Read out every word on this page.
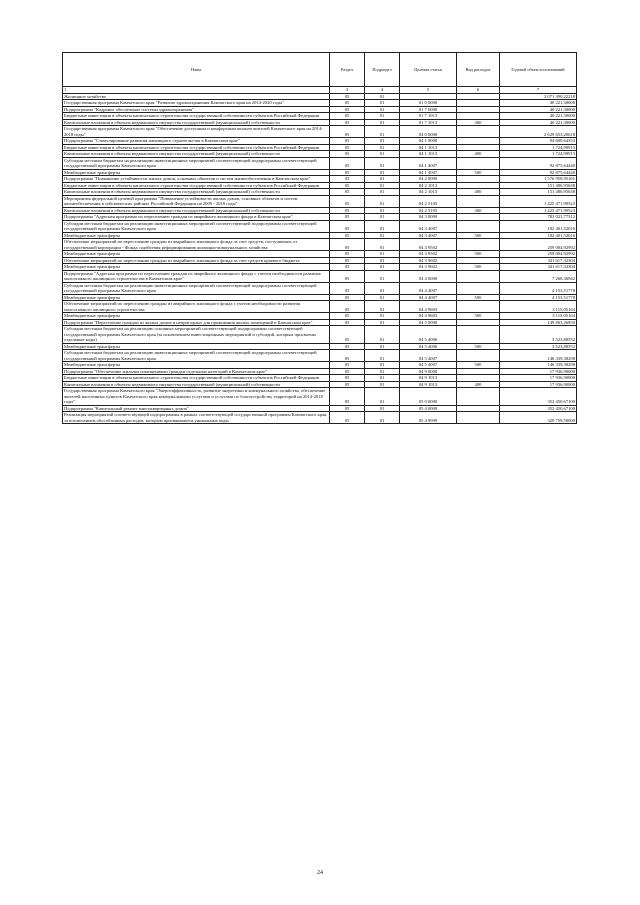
Наим	Раздел	Подраздел	Целевая статья	Вид расходов	Годовой объем ассигнований
1	3	4	5	6	7
Жилищное хозяйство	05	01			3 071 390,22218
Государственная программа Камчатского края "Развитие здравоохранения Камчатского края на 2014-2020 годы"	05	01	01 0 0000		40 221,30000
Подпрограмма "Кадровое обеспечение системы здравоохранения"	05	01	01 7 0000		40 221,30000
Бюджетные инвестиции в объекты капитального строительства государственной собственности субъектов Российской Федерации	05	01	01 7 1013		40 221,30000
Капитальные вложения в объекты недвижимого имущества государственной (муниципальной) собственности	05	01	01 7 1013	400	40 221,30000
Государственная программа Камчатского края "Обеспечение доступным и комфортным жильем жителей Камчатского края на 2014-2018 годы"	05	01	04 0 0000		2 629 653,20618
Подпрограмма "Стимулирование развития жилищного строительства в Камчатском крае"	05	01	04 1 0000		94 600,64353
Бюджетные инвестиции в объекты капитального строительства государственной собственности субъектов Российской Федерации	05	01	04 1 1013		1 724,99913
Капитальные вложения в объекты недвижимого имущества государственной (муниципальной) собственности	05	01	04 1 1013	400	1 724,99913
Субсидии местным бюджетам на реализацию инвестиционных мероприятий соответствующей подпрограммы соответствующей государственной программы Камчатского края	05	01	04 1 4007		92 875,64440
Межбюджетные трансферты	05	01	04 1 4007	500	92 875,64440
Подпрограмма "Повышение устойчивости жилых домов, основных объектов и систем жизнеобеспечения в Камчатском крае"	05	01	04 2 0000		1 576 958,95161
Бюджетные инвестиции в объекты капитального строительства государственной собственности субъектов Российской Федерации	05	01	04 2 1013		151 486,95638
Капитальные вложения в объекты недвижимого имущества государственной (муниципальной) собственности	05	01	04 2 1013	400	151 486,95638
Мероприятия федеральной целевой программы "Повышение устойчивости жилых домов, основных объектов и систем жизнеобеспечения в сейсмических районах Российской Федерации на 2009 - 2018 годы"	05	01	04 2 5105		1 425 471,99523
Капитальные вложения в объекты недвижимого имущества государственной (муниципальной) собственности	05	01	04 2 5105	400	1 425 471,99523
Подпрограмма "Адресная программа по переселению граждан из аварийного жилищного фонда в Камчатском крае"	05	01	04 3 0000		783 023,77312
Субсидии местным бюджетам на реализацию инвестиционных мероприятий соответствующей подпрограммы соответствующей государственной программы Камчатского края	05	01	04 3 4007		182 401,52016
Межбюджетные трансферты	05	01	04 3 4007	500	182 401,52016
Обеспечение мероприятий по переселению граждан из аварийного жилищного фонда за счет средств, поступивших от государственной корпорации - Фонда содействия реформированию жилищно-коммунального хозяйства	05	01	04 3 9502		259 004,92992
Межбюджетные трансферты	05	01	04 3 9502	500	259 004,92992
Обеспечение мероприятий по переселению граждан из аварийного жилищного фонда за счет средств краевого бюджета	05	01	04 3 9602		341 617,32304
Межбюджетные трансферты	05	01	04 3 9602	500	341 617,32304
Подпрограмма "Адресная программа по переселению граждан из аварийного жилищного фонда с учетом необходимости развития малоэтажного жилищного строительства в Камчатском крае"	05	01	04 4 0000		7 268,36942
Субсидии местным бюджетам на реализацию инвестиционных мероприятий соответствующей подпрограммы соответствующей государственной программы Камчатского края	05	01	04 4 4007		4 153,51778
Межбюджетные трансферты	05	01	04 4 4007	500	4 153,51778
Обеспечение мероприятий по переселению граждан из аварийного жилищного фонда с учетом необходимости развития малоэтажного жилищного строительства	05	01	04 4 9603		3 115,05164
Межбюджетные трансферты	05	01	04 4 9603	500	3 115,05164
Подпрограмма "Переселение граждан из жилых домов и непригодных для проживания жилых помещений в Камчатском крае"	05	01	04 5 0000		149 863,26850
Субсидии местным бюджетам на реализацию основных мероприятий соответствующей подпрограммы соответствующей государственной программы Камчатского края (за исключением инвестиционных мероприятий и субсидий, которым присвоены отдельные коды)	05	01	04 5 4006		3 523,88552
Межбюджетные трансферты	05	01	04 5 4006	500	3 523,88552
Субсидии местным бюджетам на реализацию инвестиционных мероприятий соответствующей подпрограммы соответствующей государственной программы Камчатского края	05	01	04 5 4007		146 339,38298
Межбюджетные трансферты	05	01	04 5 4007	500	146 339,38298
Подпрограмма "Обеспечение жилыми помещениями граждан отдельных категорий в Камчатском крае"	05	01	04 9 0000		17 936,90000
Бюджетные инвестиции в объекты капитального строительства государственной собственности субъектов Российской Федерации	05	01	04 9 1013		17 936,90000
Капитальные вложения в объекты недвижимого имущества государственной (муниципальной) собственности	05	01	04 9 1013	400	17 936,90000
Государственная программа Камчатского края "Энергоэффективность, развитие энергетики и коммунального хозяйства, обеспечение жителей населенных пунктов Камчатского края коммунальными услугами и услугами по благоустройству территорий на 2014-2018 годы"	05	01	05 0 0000		352 450,67100
Подпрограмма "Капитальный ремонт многоквартирных домов"	05	01	05 4 0000		352 450,67100
Реализация мероприятий соответствующей подпрограммы в рамках соответствующей государственной программы Камчатского края, за исключением обособленных расходов, которым присваиваются уникальные коды	05	01	05 4 9999		320 759,50000
24
